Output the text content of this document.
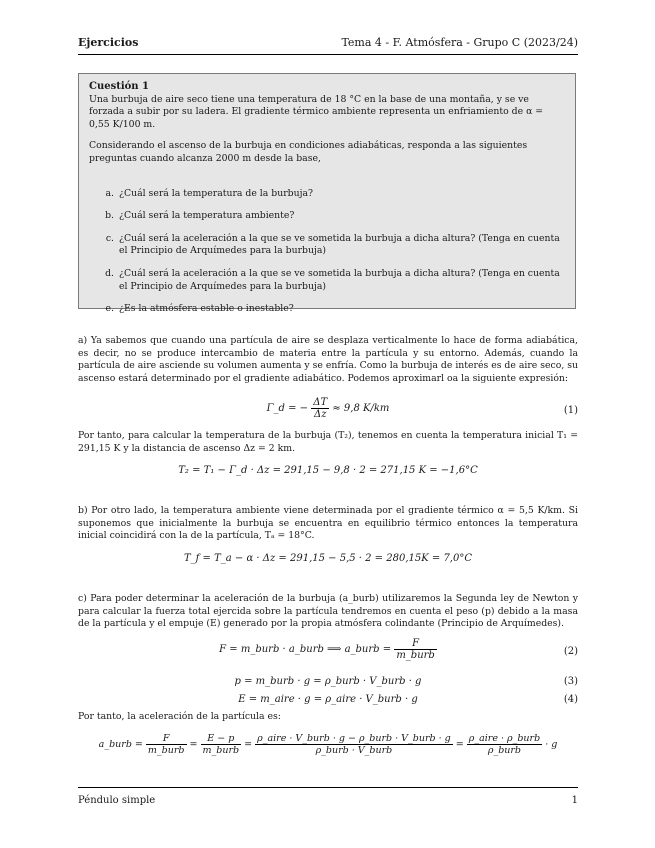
Ejercicios	Tema 4 - F. Atmósfera - Grupo C (2023/24)
Cuestión 1

Una burbuja de aire seco tiene una temperatura de 18 °C en la base de una montaña, y se ve forzada a subir por su ladera. El gradiente térmico ambiente representa un enfriamiento de α = 0,55 K/100 m.

Considerando el ascenso de la burbuja en condiciones adiabáticas, responda a las siguientes preguntas cuando alcanza 2000 m desde la base,

a. ¿Cuál será la temperatura de la burbuja?
b. ¿Cuál será la temperatura ambiente?
c. ¿Cuál será la aceleración a la que se ve sometida la burbuja a dicha altura? (Tenga en cuenta el Principio de Arquímedes para la burbuja)
d. ¿Cuál será la aceleración a la que se ve sometida la burbuja a dicha altura? (Tenga en cuenta el Principio de Arquímedes para la burbuja)
e. ¿Es la atmósfera estable o inestable?

a) Ya sabemos que cuando una partícula de aire se desplaza verticalmente lo hace de forma adiabática, es decir, no se produce intercambio de materia entre la partícula y su entorno. Además, cuando la partícula de aire asciende su volumen aumenta y se enfría. Como la burbuja de interés es de aire seco, su ascenso estará determinado por el gradiente adiabático. Podemos aproximarl oa la siguiente expresión:

Γ_d = − $\frac{\Delta T}{\Delta z} \approx 9,8$ K/km	(1)

Por tanto, para calcular la temperatura de la burbuja (T₂), tenemos en cuenta la temperatura inicial T₁ = 291,15 K y la distancia de ascenso Δz = 2 km.

T₂ = T₁ − Γ_d · Δz = 291,15 − 9,8 · 2 = 271,15 K = −1,6°C

b) Por otro lado, la temperatura ambiente viene determinada por el gradiente térmico α = 5,5 K/km. Si suponemos que inicialmente la burbuja se encuentra en equilibrio térmico entonces la temperatura inicial coincidirá con la de la partícula, Tₐ = 18°C.

T_f = T_a − α · Δz = 291,15 − 5,5 · 2 = 280,15K = 7,0°C

c) Para poder determinar la aceleración de la burbuja (a_burb) utilizaremos la Segunda ley de Newton y para calcular la fuerza total ejercida sobre la partícula tendremos en cuenta el peso (p) debido a la masa de la partícula y el empuje (E) generado por la propia atmósfera colindante (Principio de Arquímedes).

F = m_burb · a_burb ⟹ a_burb = $\frac{F}{\text{m\_burb}}$	(2)
p = m_burb · g = ρ_burb · V_burb · g	(3)
E = m_aire · g = ρ_aire · V_burb · g	(4)

Por tanto, la aceleración de la partícula es:

a_burb = $\frac{F}{\text{m\_burb}} = \frac{E - p}{\text{m\_burb}} = \frac{\text{ρ\_aire · V\_burb · g − ρ\_burb · V\_burb · g}}{\text{ρ\_burb · V\_burb}} = \frac{\text{ρ\_aire · ρ\_burb}}{\text{ρ\_burb}} \cdot g$
Péndulo simple	1
